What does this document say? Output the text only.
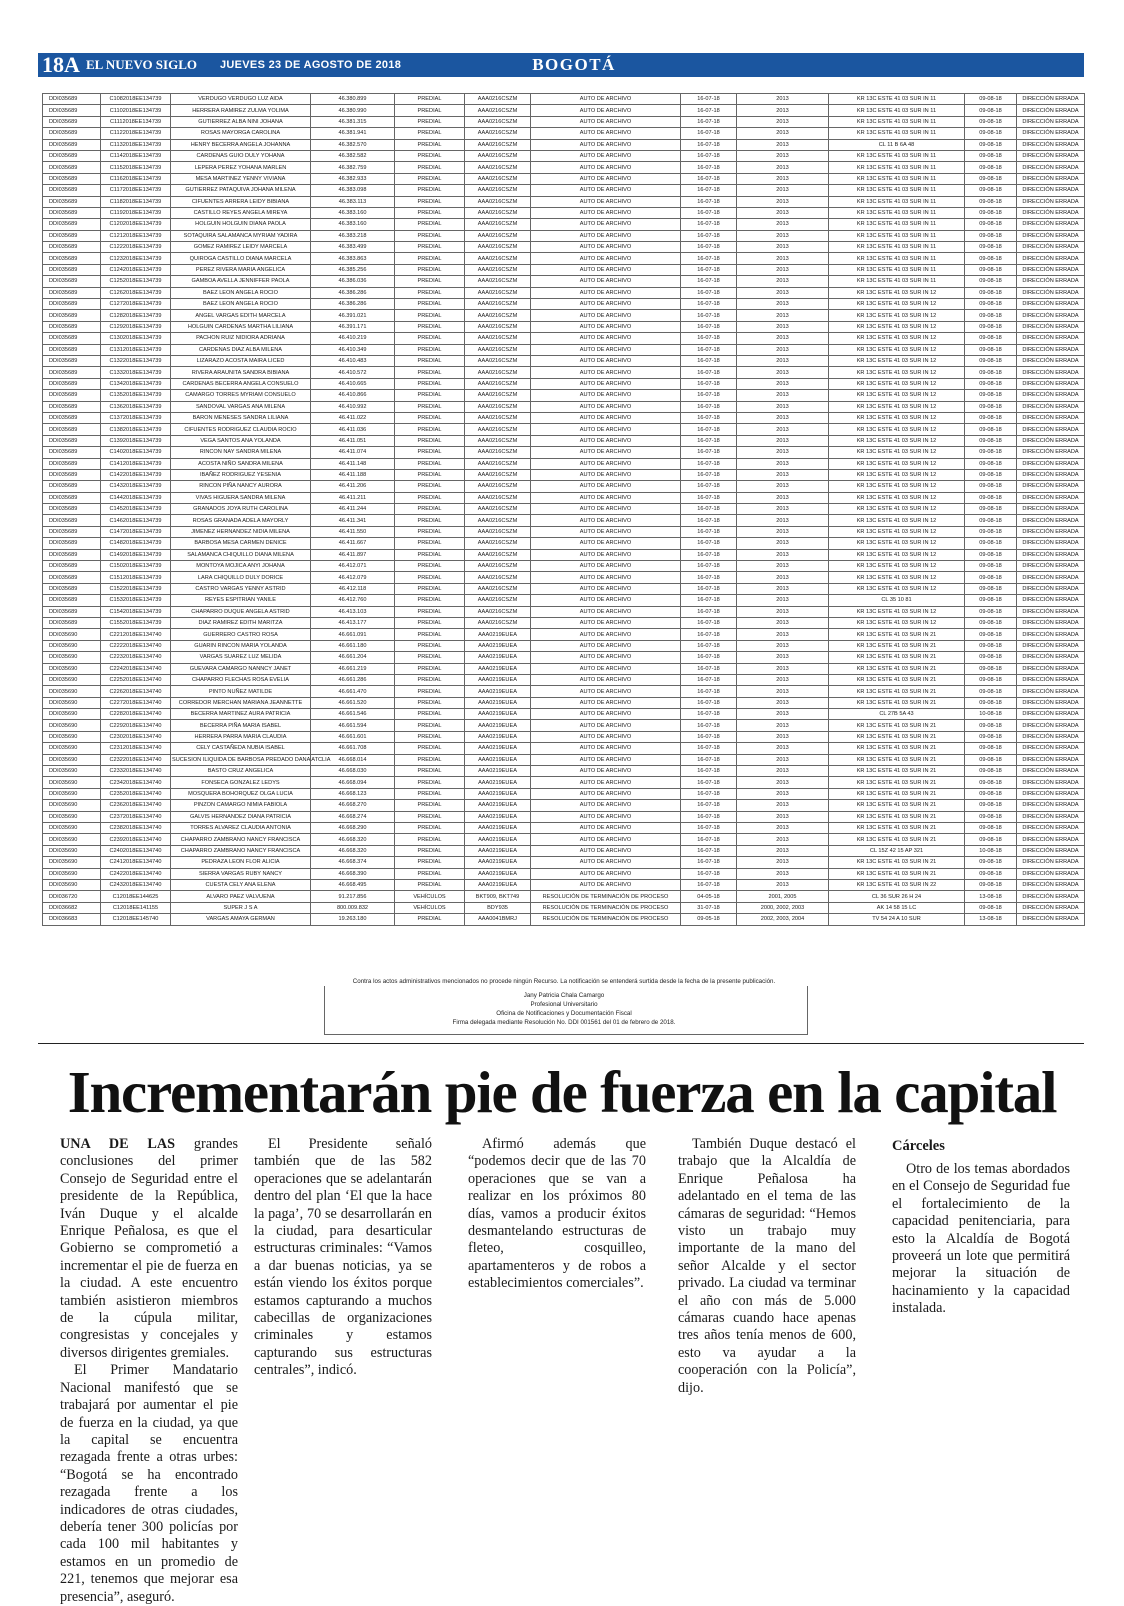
18A EL NUEVO SIGLO JUEVES 23 DE AGOSTO DE 2018	BOGOTÁ
DDI035689	C1082018EE134739	VERDUGO VERDUGO LUZ AIDA	46.380.899	PREDIAL	AAA0216CSZM	AUTO DE ARCHIVO	16-07-18	2013	KR 13C ESTE 41 03 SUR IN 11	09-08-18	DIRECCIÓN ERRADA
DDI035689	C1102018EE134739	HERRERA RAMIREZ ZULMA YOLIMA	46.380.990	PREDIAL	AAA0216CSZM	AUTO DE ARCHIVO	16-07-18	2013	KR 13C ESTE 41 03 SUR IN 11	09-08-18	DIRECCIÓN ERRADA
DDI035689	C1112018EE134739	GUTIERREZ ALBA NINI JOHANA	46.381.315	PREDIAL	AAA0216CSZM	AUTO DE ARCHIVO	16-07-18	2013	KR 13C ESTE 41 03 SUR IN 11	09-08-18	DIRECCIÓN ERRADA
DDI035689	C1122018EE134739	ROSAS MAYORGA CAROLINA	46.381.941	PREDIAL	AAA0216CSZM	AUTO DE ARCHIVO	16-07-18	2013	KR 13C ESTE 41 03 SUR IN 11	09-08-18	DIRECCIÓN ERRADA
DDI035689	C1132018EE134739	HENRY BECERRA ANGELA JOHANNA	46.382.570	PREDIAL	AAA0216CSZM	AUTO DE ARCHIVO	16-07-18	2013	CL 11 B 6A 48	09-08-18	DIRECCIÓN ERRADA
DDI035689	C1142018EE134739	CARDENAS GUIO DULY YOHANA	46.382.582	PREDIAL	AAA0216CSZM	AUTO DE ARCHIVO	16-07-18	2013	KR 13C ESTE 41 03 SUR IN 11	09-08-18	DIRECCIÓN ERRADA
DDI035689	C1152018EE134739	LEPERA PEREZ YOHANA MARLEN	46.382.759	PREDIAL	AAA0216CSZM	AUTO DE ARCHIVO	16-07-18	2013	KR 13C ESTE 41 03 SUR IN 11	09-08-18	DIRECCIÓN ERRADA
DDI035689	C1162018EE134739	MESA MARTINEZ YENNY VIVIANA	46.382.933	PREDIAL	AAA0216CSZM	AUTO DE ARCHIVO	16-07-18	2013	KR 13C ESTE 41 03 SUR IN 11	09-08-18	DIRECCIÓN ERRADA
DDI035689	C1172018EE134739	GUTIERREZ PATAQUIVA JOHANA MILENA	46.383.098	PREDIAL	AAA0216CSZM	AUTO DE ARCHIVO	16-07-18	2013	KR 13C ESTE 41 03 SUR IN 11	09-08-18	DIRECCIÓN ERRADA
DDI035689	C1182018EE134739	CIFUENTES ARRERA LEIDY BIBIANA	46.383.113	PREDIAL	AAA0216CSZM	AUTO DE ARCHIVO	16-07-18	2013	KR 13C ESTE 41 03 SUR IN 11	09-08-18	DIRECCIÓN ERRADA
DDI035689	C1192018EE134739	CASTILLO REYES ANGELA MIREYA	46.383.160	PREDIAL	AAA0216CSZM	AUTO DE ARCHIVO	16-07-18	2013	KR 13C ESTE 41 03 SUR IN 11	09-08-18	DIRECCIÓN ERRADA
DDI035689	C1202018EE134739	HOLGUIN HOLGUIN DIANA PAOLA	46.383.160	PREDIAL	AAA0216CSZM	AUTO DE ARCHIVO	16-07-18	2013	KR 13C ESTE 41 03 SUR IN 11	09-08-18	DIRECCIÓN ERRADA
DDI035689	C1212018EE134739	SOTAQUIRA SALAMANCA MYRIAM YADIRA	46.383.218	PREDIAL	AAA0216CSZM	AUTO DE ARCHIVO	16-07-18	2013	KR 13C ESTE 41 03 SUR IN 11	09-08-18	DIRECCIÓN ERRADA
DDI035689	C1222018EE134739	GOMEZ RAMIREZ LEIDY MARCELA	46.383.499	PREDIAL	AAA0216CSZM	AUTO DE ARCHIVO	16-07-18	2013	KR 13C ESTE 41 03 SUR IN 11	09-08-18	DIRECCIÓN ERRADA
DDI035689	C1232018EE134739	QUIROGA CASTILLO DIANA MARCELA	46.383.863	PREDIAL	AAA0216CSZM	AUTO DE ARCHIVO	16-07-18	2013	KR 13C ESTE 41 03 SUR IN 11	09-08-18	DIRECCIÓN ERRADA
DDI035689	C1242018EE134739	PEREZ RIVERA MARIA ANGELICA	46.385.256	PREDIAL	AAA0216CSZM	AUTO DE ARCHIVO	16-07-18	2013	KR 13C ESTE 41 03 SUR IN 11	09-08-18	DIRECCIÓN ERRADA
DDI035689	C1252018EE134739	GAMBOA AVELLA JENNIFFER PAOLA	46.386.036	PREDIAL	AAA0216CSZM	AUTO DE ARCHIVO	16-07-18	2013	KR 13C ESTE 41 03 SUR IN 11	09-08-18	DIRECCIÓN ERRADA
DDI035689	C1262018EE134739	BAEZ LEON ANGELA ROCIO	46.386.286	PREDIAL	AAA0216CSZM	AUTO DE ARCHIVO	16-07-18	2013	KR 13C ESTE 41 03 SUR IN 12	09-08-18	DIRECCIÓN ERRADA
DDI035689	C1272018EE134739	BAEZ LEON ANGELA ROCIO	46.386.286	PREDIAL	AAA0216CSZM	AUTO DE ARCHIVO	16-07-18	2013	KR 13C ESTE 41 03 SUR IN 12	09-08-18	DIRECCIÓN ERRADA
DDI035689	C1282018EE134739	ANGEL VARGAS EDITH MARCELA	46.391.021	PREDIAL	AAA0216CSZM	AUTO DE ARCHIVO	16-07-18	2013	KR 13C ESTE 41 03 SUR IN 12	09-08-18	DIRECCIÓN ERRADA
DDI035689	C1292018EE134739	HOLGUIN CARDENAS MARTHA LILIANA	46.391.171	PREDIAL	AAA0216CSZM	AUTO DE ARCHIVO	16-07-18	2013	KR 13C ESTE 41 03 SUR IN 12	09-08-18	DIRECCIÓN ERRADA
DDI035689	C1302018EE134739	PACHON RUIZ NIDIORA ADRIANA	46.410.219	PREDIAL	AAA0216CSZM	AUTO DE ARCHIVO	16-07-18	2013	KR 13C ESTE 41 03 SUR IN 12	09-08-18	DIRECCIÓN ERRADA
DDI035689	C1312018EE134739	CARDENAS DIAZ ALBA MILENA	46.410.349	PREDIAL	AAA0216CSZM	AUTO DE ARCHIVO	16-07-18	2013	KR 13C ESTE 41 03 SUR IN 12	09-08-18	DIRECCIÓN ERRADA
DDI035689	C1322018EE134739	LIZARAZO ACOSTA MAIRA LICED	46.410.483	PREDIAL	AAA0216CSZM	AUTO DE ARCHIVO	16-07-18	2013	KR 13C ESTE 41 03 SUR IN 12	09-08-18	DIRECCIÓN ERRADA
DDI035689	C1332018EE134739	RIVERA ARAUNITA SANDRA BIBIANA	46.410.572	PREDIAL	AAA0216CSZM	AUTO DE ARCHIVO	16-07-18	2013	KR 13C ESTE 41 03 SUR IN 12	09-08-18	DIRECCIÓN ERRADA
DDI035689	C1342018EE134739	CARDENAS BECERRA ANGELA CONSUELO	46.410.665	PREDIAL	AAA0216CSZM	AUTO DE ARCHIVO	16-07-18	2013	KR 13C ESTE 41 03 SUR IN 12	09-08-18	DIRECCIÓN ERRADA
DDI035689	C1352018EE134739	CAMARGO TORRES MYRIAM CONSUELO	46.410.866	PREDIAL	AAA0216CSZM	AUTO DE ARCHIVO	16-07-18	2013	KR 13C ESTE 41 03 SUR IN 12	09-08-18	DIRECCIÓN ERRADA
DDI035689	C1362018EE134739	SANDOVAL VARGAS ANA MILENA	46.410.992	PREDIAL	AAA0216CSZM	AUTO DE ARCHIVO	16-07-18	2013	KR 13C ESTE 41 03 SUR IN 12	09-08-18	DIRECCIÓN ERRADA
DDI035689	C1372018EE134739	BARON MENESES SANDRA LILIANA	46.411.022	PREDIAL	AAA0216CSZM	AUTO DE ARCHIVO	16-07-18	2013	KR 13C ESTE 41 03 SUR IN 12	09-08-18	DIRECCIÓN ERRADA
DDI035689	C1382018EE134739	CIFUENTES RODRIGUEZ CLAUDIA ROCIO	46.411.036	PREDIAL	AAA0216CSZM	AUTO DE ARCHIVO	16-07-18	2013	KR 13C ESTE 41 03 SUR IN 12	09-08-18	DIRECCIÓN ERRADA
DDI035689	C1392018EE134739	VEGA SANTOS ANA YOLANDA	46.411.051	PREDIAL	AAA0216CSZM	AUTO DE ARCHIVO	16-07-18	2013	KR 13C ESTE 41 03 SUR IN 12	09-08-18	DIRECCIÓN ERRADA
DDI035689	C1402018EE134739	RINCON NAY SANDRA MILENA	46.411.074	PREDIAL	AAA0216CSZM	AUTO DE ARCHIVO	16-07-18	2013	KR 13C ESTE 41 03 SUR IN 12	09-08-18	DIRECCIÓN ERRADA
DDI035689	C1412018EE134739	ACOSTA NIÑO SANDRA MILENA	46.411.148	PREDIAL	AAA0216CSZM	AUTO DE ARCHIVO	16-07-18	2013	KR 13C ESTE 41 03 SUR IN 12	09-08-18	DIRECCIÓN ERRADA
DDI035689	C1422018EE134739	IBAÑEZ RODRIGUEZ YESENIA	46.411.188	PREDIAL	AAA0216CSZM	AUTO DE ARCHIVO	16-07-18	2013	KR 13C ESTE 41 03 SUR IN 12	09-08-18	DIRECCIÓN ERRADA
DDI035689	C1432018EE134739	RINCON PIÑA NANCY AURORA	46.411.206	PREDIAL	AAA0216CSZM	AUTO DE ARCHIVO	16-07-18	2013	KR 13C ESTE 41 03 SUR IN 12	09-08-18	DIRECCIÓN ERRADA
DDI035689	C1442018EE134739	VIVAS HIGUERA SANDRA MILENA	46.411.211	PREDIAL	AAA0216CSZM	AUTO DE ARCHIVO	16-07-18	2013	KR 13C ESTE 41 03 SUR IN 12	09-08-18	DIRECCIÓN ERRADA
DDI035689	C1452018EE134739	GRANADOS JOYA RUTH CAROLINA	46.411.244	PREDIAL	AAA0216CSZM	AUTO DE ARCHIVO	16-07-18	2013	KR 13C ESTE 41 03 SUR IN 12	09-08-18	DIRECCIÓN ERRADA
DDI035689	C1462018EE134739	ROSAS GRANADA ADELA MAYORLY	46.411.341	PREDIAL	AAA0216CSZM	AUTO DE ARCHIVO	16-07-18	2013	KR 13C ESTE 41 03 SUR IN 12	09-08-18	DIRECCIÓN ERRADA
DDI035689	C1472018EE134739	JIMENEZ HERNANDEZ NIDIA MILENA	46.411.550	PREDIAL	AAA0216CSZM	AUTO DE ARCHIVO	16-07-18	2013	KR 13C ESTE 41 03 SUR IN 12	09-08-18	DIRECCIÓN ERRADA
DDI035689	C1482018EE134739	BARBOSA MESA CARMEN DENICE	46.411.667	PREDIAL	AAA0216CSZM	AUTO DE ARCHIVO	16-07-18	2013	KR 13C ESTE 41 03 SUR IN 12	09-08-18	DIRECCIÓN ERRADA
DDI035689	C1492018EE134739	SALAMANCA CHIQUILLO DIANA MILENA	46.411.897	PREDIAL	AAA0216CSZM	AUTO DE ARCHIVO	16-07-18	2013	KR 13C ESTE 41 03 SUR IN 12	09-08-18	DIRECCIÓN ERRADA
DDI035689	C1502018EE134739	MONTOYA MOJICA ANYI JOHANA	46.412.071	PREDIAL	AAA0216CSZM	AUTO DE ARCHIVO	16-07-18	2013	KR 13C ESTE 41 03 SUR IN 12	09-08-18	DIRECCIÓN ERRADA
DDI035689	C1512018EE134739	LARA CHIQUILLO DULY DORICE	46.412.079	PREDIAL	AAA0216CSZM	AUTO DE ARCHIVO	16-07-18	2013	KR 13C ESTE 41 03 SUR IN 12	09-08-18	DIRECCIÓN ERRADA
DDI035689	C1522018EE134739	CASTRO VARGAS YENNY ASTRID	46.412.118	PREDIAL	AAA0216CSZM	AUTO DE ARCHIVO	16-07-18	2013	KR 13C ESTE 41 03 SUR IN 12	09-08-18	DIRECCIÓN ERRADA
DDI035689	C1532018EE134739	REYES ESPITRIAN YANILE	46.412.760	PREDIAL	AAA0216CSZM	AUTO DE ARCHIVO	16-07-18	2013	CL 35 10 81	09-08-18	DIRECCIÓN ERRADA
DDI035689	C1542018EE134739	CHAPARRO DUQUE ANGELA ASTRID	46.413.103	PREDIAL	AAA0216CSZM	AUTO DE ARCHIVO	16-07-18	2013	KR 13C ESTE 41 03 SUR IN 12	09-08-18	DIRECCIÓN ERRADA
DDI035689	C1552018EE134739	DIAZ RAMIREZ EDITH MARITZA	46.413.177	PREDIAL	AAA0216CSZM	AUTO DE ARCHIVO	16-07-18	2013	KR 13C ESTE 41 03 SUR IN 12	09-08-18	DIRECCIÓN ERRADA
DDI035690	C2212018EE134740	GUERRERO CASTRO ROSA	46.661.091	PREDIAL	AAA0219EUEA	AUTO DE ARCHIVO	16-07-18	2013	KR 13C ESTE 41 03 SUR IN 21	09-08-18	DIRECCIÓN ERRADA
DDI035690	C2222018EE134740	GUARIN RINCON MARIA YOLANDA	46.661.180	PREDIAL	AAA0219EUEA	AUTO DE ARCHIVO	16-07-18	2013	KR 13C ESTE 41 03 SUR IN 21	09-08-18	DIRECCIÓN ERRADA
DDI035690	C2232018EE134740	VARGAS SUAREZ LUZ MELIDA	46.661.204	PREDIAL	AAA0219EUEA	AUTO DE ARCHIVO	16-07-18	2013	KR 13C ESTE 41 03 SUR IN 21	09-08-18	DIRECCIÓN ERRADA
DDI035690	C2242018EE134740	GUEVARA CAMARGO NANNCY JANET	46.661.219	PREDIAL	AAA0219EUEA	AUTO DE ARCHIVO	16-07-18	2013	KR 13C ESTE 41 03 SUR IN 21	09-08-18	DIRECCIÓN ERRADA
DDI035690	C2252018EE134740	CHAPARRO FLECHAS ROSA EVELIA	46.661.286	PREDIAL	AAA0219EUEA	AUTO DE ARCHIVO	16-07-18	2013	KR 13C ESTE 41 03 SUR IN 21	09-08-18	DIRECCIÓN ERRADA
DDI035690	C2262018EE134740	PINTO NUÑEZ MATILDE	46.661.470	PREDIAL	AAA0219EUEA	AUTO DE ARCHIVO	16-07-18	2013	KR 13C ESTE 41 03 SUR IN 21	09-08-18	DIRECCIÓN ERRADA
DDI035690	C2272018EE134740	CORREDOR MERCHAN MARIANA JEANNETTE	46.661.520	PREDIAL	AAA0219EUEA	AUTO DE ARCHIVO	16-07-18	2013	KR 13C ESTE 41 03 SUR IN 21	09-08-18	DIRECCIÓN ERRADA
DDI035690	C2282018EE134740	BECERRA MARTINEZ AURA PATRICIA	46.661.546	PREDIAL	AAA0219EUEA	AUTO DE ARCHIVO	16-07-18	2013	CL 27B 5A 43	10-08-18	DIRECCIÓN ERRADA
DDI035690	C2292018EE134740	BECERRA PIÑA MARIA ISABEL	46.661.594	PREDIAL	AAA0219EUEA	AUTO DE ARCHIVO	16-07-18	2013	KR 13C ESTE 41 03 SUR IN 21	09-08-18	DIRECCIÓN ERRADA
DDI035690	C2302018EE134740	HERRERA PARRA MARIA CLAUDIA	46.661.601	PREDIAL	AAA0219EUEA	AUTO DE ARCHIVO	16-07-18	2013	KR 13C ESTE 41 03 SUR IN 21	09-08-18	DIRECCIÓN ERRADA
DDI035690	C2312018EE134740	CELY CASTAÑEDA NUBIA ISABEL	46.661.708	PREDIAL	AAA0219EUEA	AUTO DE ARCHIVO	16-07-18	2013	KR 13C ESTE 41 03 SUR IN 21	09-08-18	DIRECCIÓN ERRADA
DDI035690	C2322018EE134740	SUCESION ILIQUIDA DE BARBOSA PREDADO DANA ATCLIA	46.668.014	PREDIAL	AAA0219EUEA	AUTO DE ARCHIVO	16-07-18	2013	KR 13C ESTE 41 03 SUR IN 21	09-08-18	DIRECCIÓN ERRADA
DDI035690	C2332018EE134740	BASTO CRUZ ANGELICA	46.668.030	PREDIAL	AAA0219EUEA	AUTO DE ARCHIVO	16-07-18	2013	KR 13C ESTE 41 03 SUR IN 21	09-08-18	DIRECCIÓN ERRADA
DDI035690	C2342018EE134740	FONSECA GONZALEZ LEDYS	46.668.094	PREDIAL	AAA0219EUEA	AUTO DE ARCHIVO	16-07-18	2013	KR 13C ESTE 41 03 SUR IN 21	09-08-18	DIRECCIÓN ERRADA
DDI035690	C2352018EE134740	MOSQUERA BOHORQUEZ OLGA LUCIA	46.668.123	PREDIAL	AAA0219EUEA	AUTO DE ARCHIVO	16-07-18	2013	KR 13C ESTE 41 03 SUR IN 21	09-08-18	DIRECCIÓN ERRADA
DDI035690	C2362018EE134740	PINZON CAMARGO NIMIA FABIOLA	46.668.270	PREDIAL	AAA0219EUEA	AUTO DE ARCHIVO	16-07-18	2013	KR 13C ESTE 41 03 SUR IN 21	09-08-18	DIRECCIÓN ERRADA
DDI035690	C2372018EE134740	GALVIS HERNANDEZ DIANA PATRICIA	46.668.274	PREDIAL	AAA0219EUEA	AUTO DE ARCHIVO	16-07-18	2013	KR 13C ESTE 41 03 SUR IN 21	09-08-18	DIRECCIÓN ERRADA
DDI035690	C2382018EE134740	TORRES ALVAREZ CLAUDIA ANTONIA	46.668.290	PREDIAL	AAA0219EUEA	AUTO DE ARCHIVO	16-07-18	2013	KR 13C ESTE 41 03 SUR IN 21	09-08-18	DIRECCIÓN ERRADA
DDI035690	C2392018EE134740	CHAPARRO ZAMBRANO NANCY FRANCISCA	46.668.320	PREDIAL	AAA0219EUEA	AUTO DE ARCHIVO	16-07-18	2013	KR 13C ESTE 41 03 SUR IN 21	09-08-18	DIRECCIÓN ERRADA
DDI035690	C2402018EE134740	CHAPARRO ZAMBRANO NANCY FRANCISCA	46.668.320	PREDIAL	AAA0219EUEA	AUTO DE ARCHIVO	16-07-18	2013	CL 15Z 42 15 AP 321	10-08-18	DIRECCIÓN ERRADA
DDI035690	C2412018EE134740	PEDRAZA LEON FLOR ALICIA	46.668.374	PREDIAL	AAA0219EUEA	AUTO DE ARCHIVO	16-07-18	2013	KR 13C ESTE 41 03 SUR IN 21	09-08-18	DIRECCIÓN ERRADA
DDI035690	C2422018EE134740	SIERRA VARGAS RUBY NANCY	46.668.390	PREDIAL	AAA0219EUEA	AUTO DE ARCHIVO	16-07-18	2013	KR 13C ESTE 41 03 SUR IN 21	09-08-18	DIRECCIÓN ERRADA
DDI035690	C2432018EE134740	CUESTA CELY ANA ELENA	46.668.495	PREDIAL	AAA0219EUEA	AUTO DE ARCHIVO	16-07-18	2013	KR 13C ESTE 41 03 SUR IN 22	09-08-18	DIRECCIÓN ERRADA
DDI036720	C12018EE144625	ALVARO PAEZ VALVUENA	91.217.856	VEHÍCULOS	BKT909, BKT749	RESOLUCIÓN DE TERMINACIÓN DE PROCESO	04-05-18	2001, 2005	CL 36 SUR 26 H 24	13-08-18	DIRECCIÓN ERRADA
DDI036682	C12018EE141155	SUPER J S A	800.009.832	VEHÍCULOS	BDY935	RESOLUCIÓN DE TERMINACIÓN DE PROCESO	31-07-18	2000, 2002, 2003	AK 14 58 15 LC	09-08-18	DIRECCIÓN ERRADA
DDI036683	C12018EE145740	VARGAS AMAYA GERMAN	19.263.180	PREDIAL	AAA0041BMRJ	RESOLUCIÓN DE TERMINACIÓN DE PROCESO	09-05-18	2002, 2003, 2004	TV 54 24 A 10 SUR	13-08-18	DIRECCIÓN ERRADA
Contra los actos administrativos mencionados no procede ningún Recurso. La notificación se entenderá surtida desde la fecha de la presente publicación.
Jany Patricia Chala Camargo
Profesional Universitario
Oficina de Notificaciones y Documentación Fiscal
Firma delegada mediante Resolución No. DDI 001561 del 01 de febrero de 2018.
Incrementarán pie de fuerza en la capital

UNA DE LAS grandes conclusiones del primer Consejo de Seguridad entre el presidente de la República, Iván Duque y el alcalde Enrique Peñalosa, es que el Gobierno se comprometió a incrementar el pie de fuerza en la ciudad. A este encuentro también asistieron miembros de la cúpula militar, congresistas y concejales y diversos dirigentes gremiales.

El Primer Mandatario Nacional manifestó que se trabajará por aumentar el pie de fuerza en la ciudad, ya que la capital se encuentra rezagada frente a otras urbes: “Bogotá se ha encontrado rezagada frente a los indicadores de otras ciudades, debería tener 300 policías por cada 100 mil habitantes y estamos en un promedio de 221, tenemos que mejorar esa presencia”, aseguró.

El Presidente señaló también que de las 582 operaciones que se adelantarán dentro del plan ‘El que la hace la paga’, 70 se desarrollarán en la ciudad, para desarticular estructuras criminales: “Vamos a dar buenas noticias, ya se están viendo los éxitos porque estamos capturando a muchos cabecillas de organizaciones criminales y estamos capturando sus estructuras centrales”, indicó.

Afirmó además que “podemos decir que de las 70 operaciones que se van a realizar en los próximos 80 días, vamos a producir éxitos desmantelando estructuras de fleteo, cosquilleo, apartamenteros y de robos a establecimientos comerciales”.

También Duque destacó el trabajo que la Alcaldía de Enrique Peñalosa ha adelantado en el tema de las cámaras de seguridad: “Hemos visto un trabajo muy importante de la mano del señor Alcalde y el sector privado. La ciudad va terminar el año con más de 5.000 cámaras cuando hace apenas tres años tenía menos de 600, esto va ayudar a la cooperación con la Policía”, dijo.

Cárceles

Otro de los temas abordados en el Consejo de Seguridad fue el fortalecimiento de la capacidad penitenciaria, para esto la Alcaldía de Bogotá proveerá un lote que permitirá mejorar la situación de hacinamiento y la capacidad instalada.
